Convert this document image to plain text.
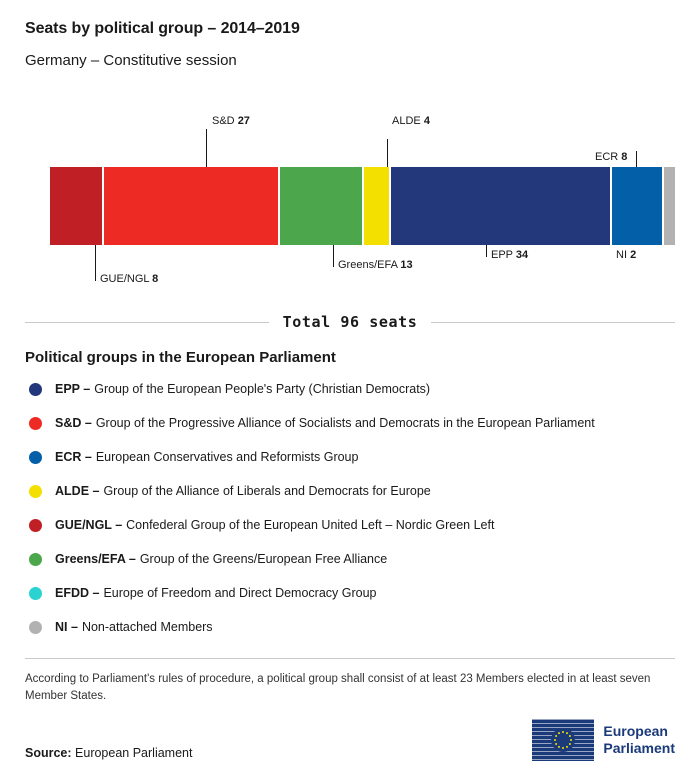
Seats by political group – 2014–2019
Germany – Constitutive session
S&D 27	ALDE 4
ECR 8
GUE/NGL 8
Greens/EFA 13
EPP 34	NI 2
Total 96 seats
Political groups in the European Parliament
EPP – Group of the European People's Party (Christian Democrats)
S&D – Group of the Progressive Alliance of Socialists and Democrats in the European Parliament
ECR – European Conservatives and Reformists Group
ALDE – Group of the Alliance of Liberals and Democrats for Europe
GUE/NGL – Confederal Group of the European United Left – Nordic Green Left
Greens/EFA – Group of the Greens/European Free Alliance
EFDD – Europe of Freedom and Direct Democracy Group
NI – Non-attached Members
According to Parliament's rules of procedure, a political group shall consist of at least 23 Members elected in at least seven Member States.
Source: European Parliament
European
Parliament
